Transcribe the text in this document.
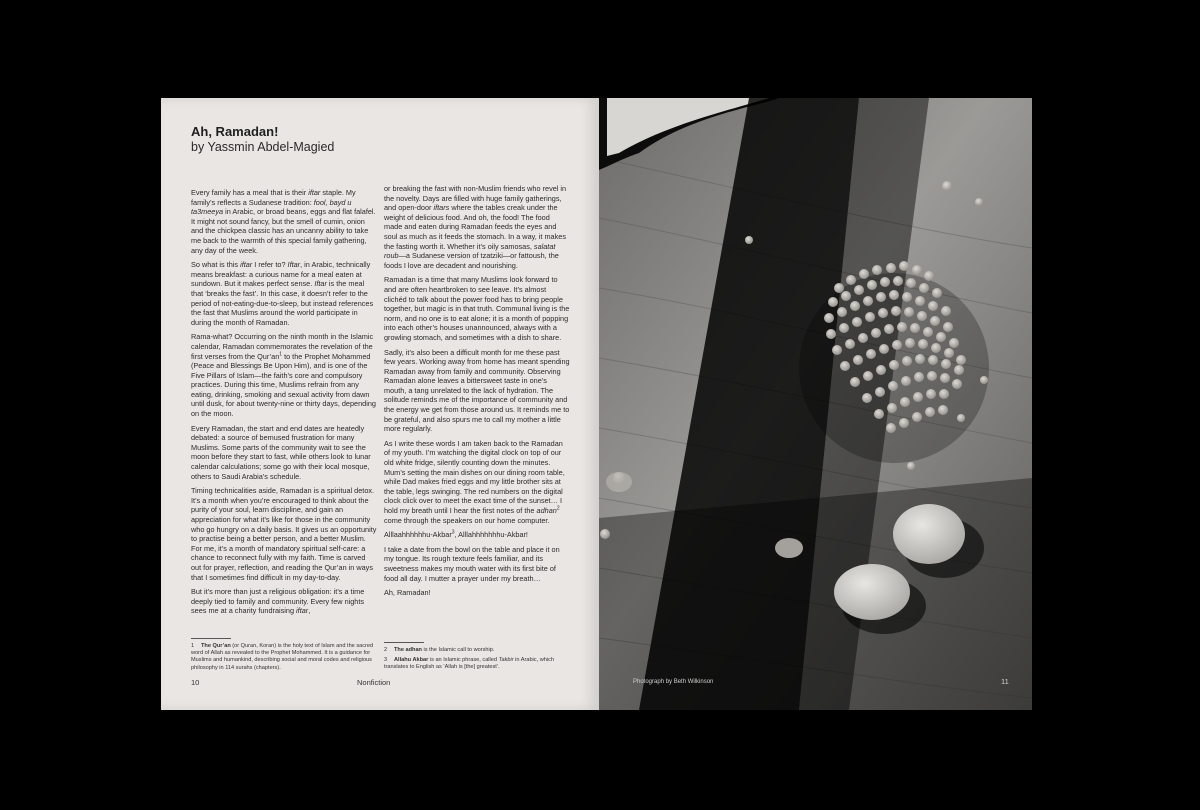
Ah, Ramadan!
by Yassmin Abdel-Magied

Every family has a meal that is their iftar staple. My family’s reflects a Sudanese tradition: fool, bayd u ta3meeya in Arabic, or broad beans, eggs and flat falafel. It might not sound fancy, but the smell of cumin, onion and the chickpea classic has an uncanny ability to take me back to the warmth of this special family gathering, any day of the week.

So what is this iftar I refer to? Iftar, in Arabic, technically means breakfast: a curious name for a meal eaten at sundown. But it makes perfect sense. Iftar is the meal that ‘breaks the fast’. In this case, it doesn’t refer to the period of not-eating-due-to-sleep, but instead references the fast that Muslims around the world participate in during the month of Ramadan.

Rama-what? Occurring on the ninth month in the Islamic calendar, Ramadan commemorates the revelation of the first verses from the $Qur’an^1$ to the Prophet Mohammed (Peace and Blessings Be Upon Him), and is one of the Five Pillars of Islam—the faith’s core and compulsory practices. During this time, Muslims refrain from any eating, drinking, smoking and sexual activity from dawn until dusk, for about twenty-nine or thirty days, depending on the moon.

Every Ramadan, the start and end dates are heatedly debated: a source of bemused frustration for many Muslims. Some parts of the community wait to see the moon before they start to fast, while others look to lunar calendar calculations; some go with their local mosque, others to Saudi Arabia’s schedule.

Timing technicalities aside, Ramadan is a spiritual detox. It’s a month when you’re encouraged to think about the purity of your soul, learn discipline, and gain an appreciation for what it’s like for those in the community who go hungry on a daily basis. It gives us an opportunity to practise being a better person, and a better Muslim. For me, it’s a month of mandatory spiritual self-care: a chance to reconnect fully with my faith. Time is carved out for prayer, reflection, and reading the Qur’an in ways that I sometimes find difficult in my day-to-day.

But it’s more than just a religious obligation: it’s a time deeply tied to family and community. Every few nights sees me at a charity fundraising iftar,

or breaking the fast with non-Muslim friends who revel in the novelty. Days are filled with huge family gatherings, and open-door iftars where the tables creak under the weight of delicious food. And oh, the food! The food made and eaten during Ramadan feeds the eyes and soul as much as it feeds the stomach. In a way, it makes the fasting worth it. Whether it’s oily samosas, salatat roub—a Sudanese version of tzatziki—or fattoush, the foods I love are decadent and nourishing.

Ramadan is a time that many Muslims look forward to and are often heartbroken to see leave. It’s almost clichéd to talk about the power food has to bring people together, but magic is in that truth. Communal living is the norm, and no one is to eat alone; it is a month of popping into each other’s houses unannounced, always with a growling stomach, and sometimes with a dish to share.

Sadly, it’s also been a difficult month for me these past few years. Working away from home has meant spending Ramadan away from family and community. Observing Ramadan alone leaves a bittersweet taste in one’s mouth, a tang unrelated to the lack of hydration. The solitude reminds me of the importance of community and the energy we get from those around us. It reminds me to be grateful, and also spurs me to call my mother a little more regularly.

As I write these words I am taken back to the Ramadan of my youth. I’m watching the digital clock on top of our old white fridge, silently counting down the minutes. Mum’s setting the main dishes on our dining room table, while Dad makes fried eggs and my little brother sits at the table, legs swinging. The red numbers on the digital clock click over to meet the exact time of the sunset… I hold my breath until I hear the first notes of the adhan$^2$ come through the speakers on our home computer.

Alllaahhhhhhu-Akbar$^3$, Alllahhhhhhhu-Akbar!

I take a date from the bowl on the table and place it on my tongue. Its rough texture feels familiar, and its sweetness makes my mouth water with its first bite of food all day. I mutter a prayer under my breath…

Ah, Ramadan!

1 The Qur’an (or Quran, Koran) is the holy text of Islam and the sacred word of Allah as revealed to the Prophet Mohammed. It is a guidance for Muslims and humankind, describing social and moral codes and religious philosophy in 114 surahs (chapters).
2 The adhan is the Islamic call to worship.
3 Allahu Akbar is an Islamic phrase, called Takbir in Arabic, which translates to English as ‘Allah is [the] greatest’.
10	Nonfiction	Photograph by Beth Wilkinson	11
